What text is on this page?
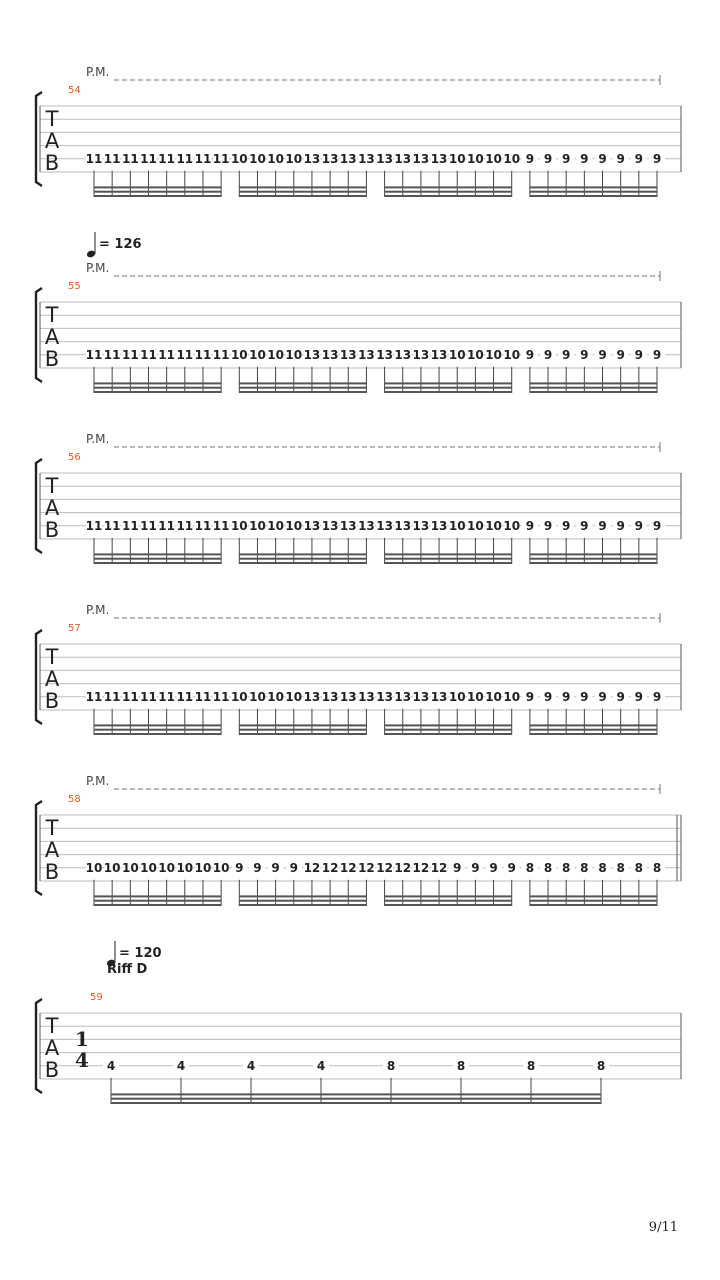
T
A
B
54
P.M.
11 11 11 11 11 11 11 11 10 10 10 10 13 13 13 13 13 13 13 13 10 10 10 10 9 9 9 9 9 9 9 9
T
A
B
55
P.M.
= 126
11 11 11 11 11 11 11 11 10 10 10 10 13 13 13 13 13 13 13 13 10 10 10 10 9 9 9 9 9 9 9 9
T
A
B
56
P.M.
11 11 11 11 11 11 11 11 10 10 10 10 13 13 13 13 13 13 13 13 10 10 10 10 9 9 9 9 9 9 9 9
T
A
B
57
P.M.
11 11 11 11 11 11 11 11 10 10 10 10 13 13 13 13 13 13 13 13 10 10 10 10 9 9 9 9 9 9 9 9
T
A
B
58
P.M.
10 10 10 10 10 10 10 10 9 9 9 9 12 12 12 12 12 12 12 12 9 9 9 9 8 8 8 8 8 8 8 8
T
A
B
59
= 120
Riff D
1
4 4	4	4	4	8	8	8	8
9/11
